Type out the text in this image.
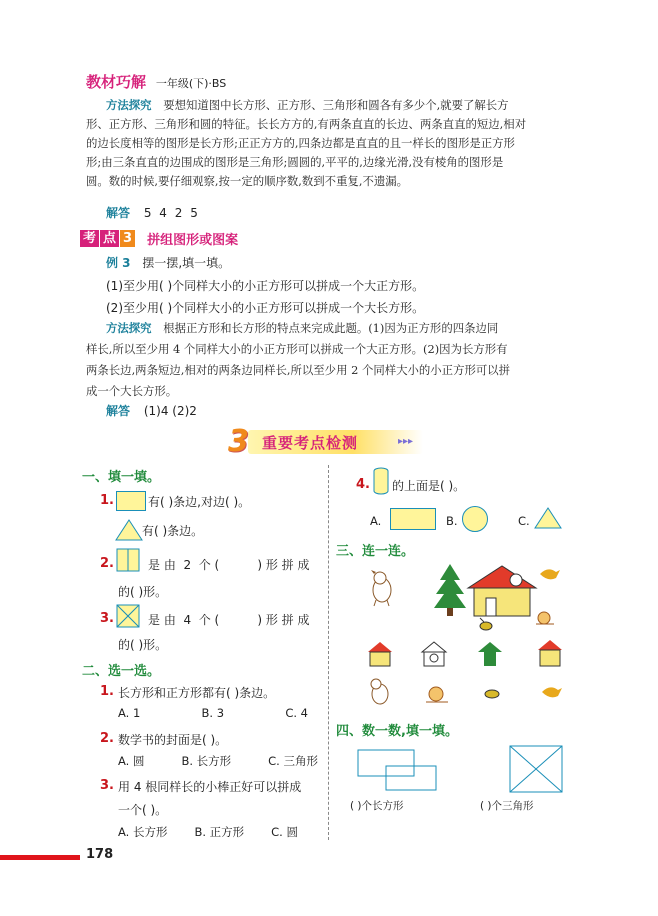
教材巧解 一年级(下)·BS
方法探究 要想知道图中长方形、正方形、三角形和圆各有多少个,就要了解长方
形、正方形、三角形和圆的特征。长长方方的,有两条直直的长边、两条直直的短边,相对
的边长度相等的图形是长方形;正正方方的,四条边都是直直的且一样长的图形是正方形
形;由三条直直的边围成的图形是三角形;圆圆的,平平的,边缘光滑,没有棱角的图形是
圆。数的时候,要仔细观察,按一定的顺序数,数到不重复,不遗漏。
解答 5 4 2 5
考 点 3 拼组图形或图案
例 3 摆一摆,填一填。
(1)至少用( )个同样大小的小正方形可以拼成一个大正方形。
(2)至少用( )个同样大小的小正方形可以拼成一个大长方形。
方法探究 根据正方形和长方形的特点来完成此题。(1)因为正方形的四条边同
样长,所以至少用 4 个同样大小的小正方形可以拼成一个大正方形。(2)因为长方形有
两条长边,两条短边,相对的两条边同样长,所以至少用 2 个同样大小的小正方形可以拼
成一个大长方形。
解答 (1)4 (2)2
3 重要考点检测	▸▸▸
一、填一填。
1.	有( )条边,对边( )。
有( )条边。
2.	是 由  2  个 (          ) 形 拼 成
的( )形。
3.	是 由  4  个 (          ) 形 拼 成
的( )形。
二、选一选。
1. 长方形和正方形都有( )条边。
A. 1	B. 3	C. 4
2. 数学书的封面是( )。
A. 圆	B. 长方形	C. 三角形
3. 用 4 根同样长的小棒正好可以拼成
一个( )。
A. 长方形 B. 正方形 C. 圆
4. 的上面是( )。
A.	B.	C.
三、连一连。
四、数一数,填一填。
( )个长方形	( )个三角形
178
